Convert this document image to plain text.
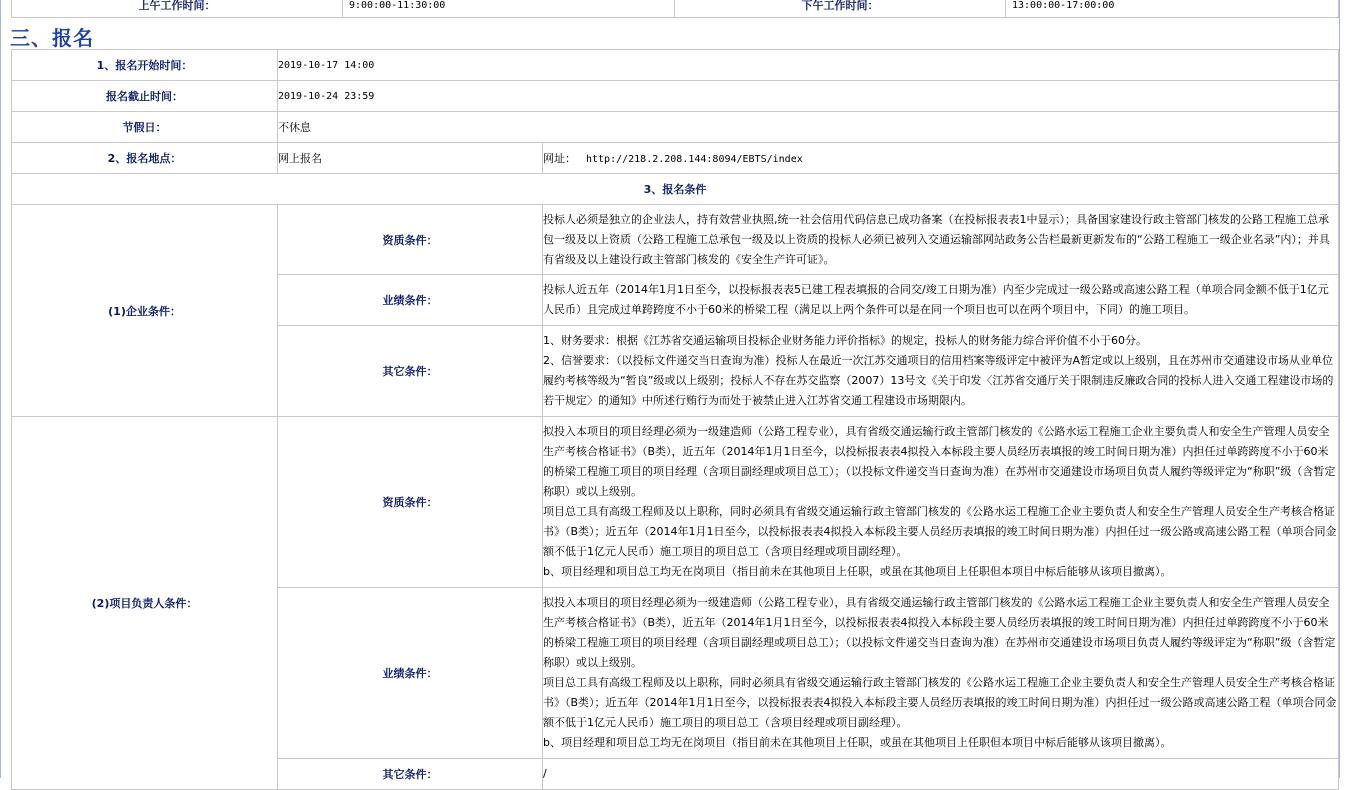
上午工作时间：	9:00:00-11:30:00	下午工作时间：	13:00:00-17:00:00
三、报名
1、报名开始时间：	2019-10-17 14:00	
报名截止时间：	2019-10-24 23:59	
节假日：	不休息	
2、报名地点：	网上报名	网址： http://218.2.208.144:8094/EBTS/index
3、报名条件		
(1)企业条件：	资质条件：	投标人必须是独立的企业法人，持有效营业执照,统一社会信用代码信息已成功备案（在投标报表表1中显示）；具备国家建设行政主管部门核发的公路工程施工总承包一级及以上资质（公路工程施工总承包一级及以上资质的投标人必须已被列入交通运输部网站政务公告栏最新更新发布的“公路工程施工一级企业名录”内）；并具有省级及以上建设行政主管部门核发的《安全生产许可证》。
	业绩条件：	投标人近五年（2014年1月1日至今，以投标报表表5已建工程表填报的合同交/竣工日期为准）内至少完成过一级公路或高速公路工程（单项合同金额不低于1亿元人民币）且完成过单跨跨度不小于60米的桥梁工程（满足以上两个条件可以是在同一个项目也可以在两个项目中，下同）的施工项目。
	其它条件：	1、财务要求：根据《江苏省交通运输项目投标企业财务能力评价指标》的规定，投标人的财务能力综合评价值不小于60分。
2、信誉要求：（以投标文件递交当日查询为准）投标人在最近一次江苏交通项目的信用档案等级评定中被评为A暂定或以上级别，且在苏州市交通建设市场从业单位履约考核等级为“暂良”级或以上级别；投标人不存在苏交监察（2007）13号文《关于印发〈江苏省交通厅关于限制违反廉政合同的投标人进入交通工程建设市场的若干规定〉的通知》中所述行贿行为而处于被禁止进入江苏省交通工程建设市场期限内。

(2)项目负责人条件：	资质条件：	拟投入本项目的项目经理必须为一级建造师（公路工程专业），具有省级交通运输行政主管部门核发的《公路水运工程施工企业主要负责人和安全生产管理人员安全生产考核合格证书》（B类），近五年（2014年1月1日至今，以投标报表表4拟投入本标段主要人员经历表填报的竣工时间日期为准）内担任过单跨跨度不小于60米的桥梁工程施工项目的项目经理（含项目副经理或项目总工）；（以投标文件递交当日查询为准）在苏州市交通建设市场项目负责人履约等级评定为“称职”级（含暂定称职）或以上级别。
项目总工具有高级工程师及以上职称，同时必须具有省级交通运输行政主管部门核发的《公路水运工程施工企业主要负责人和安全生产管理人员安全生产考核合格证书》（B类）；近五年（2014年1月1日至今，以投标报表表4拟投入本标段主要人员经历表填报的竣工时间日期为准）内担任过一级公路或高速公路工程（单项合同金额不低于1亿元人民币）施工项目的项目总工（含项目经理或项目副经理）。
b、项目经理和项目总工均无在岗项目（指目前未在其他项目上任职，或虽在其他项目上任职但本项目中标后能够从该项目撤离）。

	业绩条件：	拟投入本项目的项目经理必须为一级建造师（公路工程专业），具有省级交通运输行政主管部门核发的《公路水运工程施工企业主要负责人和安全生产管理人员安全生产考核合格证书》（B类），近五年（2014年1月1日至今，以投标报表表4拟投入本标段主要人员经历表填报的竣工时间日期为准）内担任过单跨跨度不小于60米的桥梁工程施工项目的项目经理（含项目副经理或项目总工）；（以投标文件递交当日查询为准）在苏州市交通建设市场项目负责人履约等级评定为“称职”级（含暂定称职）或以上级别。
项目总工具有高级工程师及以上职称，同时必须具有省级交通运输行政主管部门核发的《公路水运工程施工企业主要负责人和安全生产管理人员安全生产考核合格证书》（B类）；近五年（2014年1月1日至今，以投标报表表4拟投入本标段主要人员经历表填报的竣工时间日期为准）内担任过一级公路或高速公路工程（单项合同金额不低于1亿元人民币）施工项目的项目总工（含项目经理或项目副经理）。
b、项目经理和项目总工均无在岗项目（指目前未在其他项目上任职，或虽在其他项目上任职但本项目中标后能够从该项目撤离）。

	其它条件：	/
